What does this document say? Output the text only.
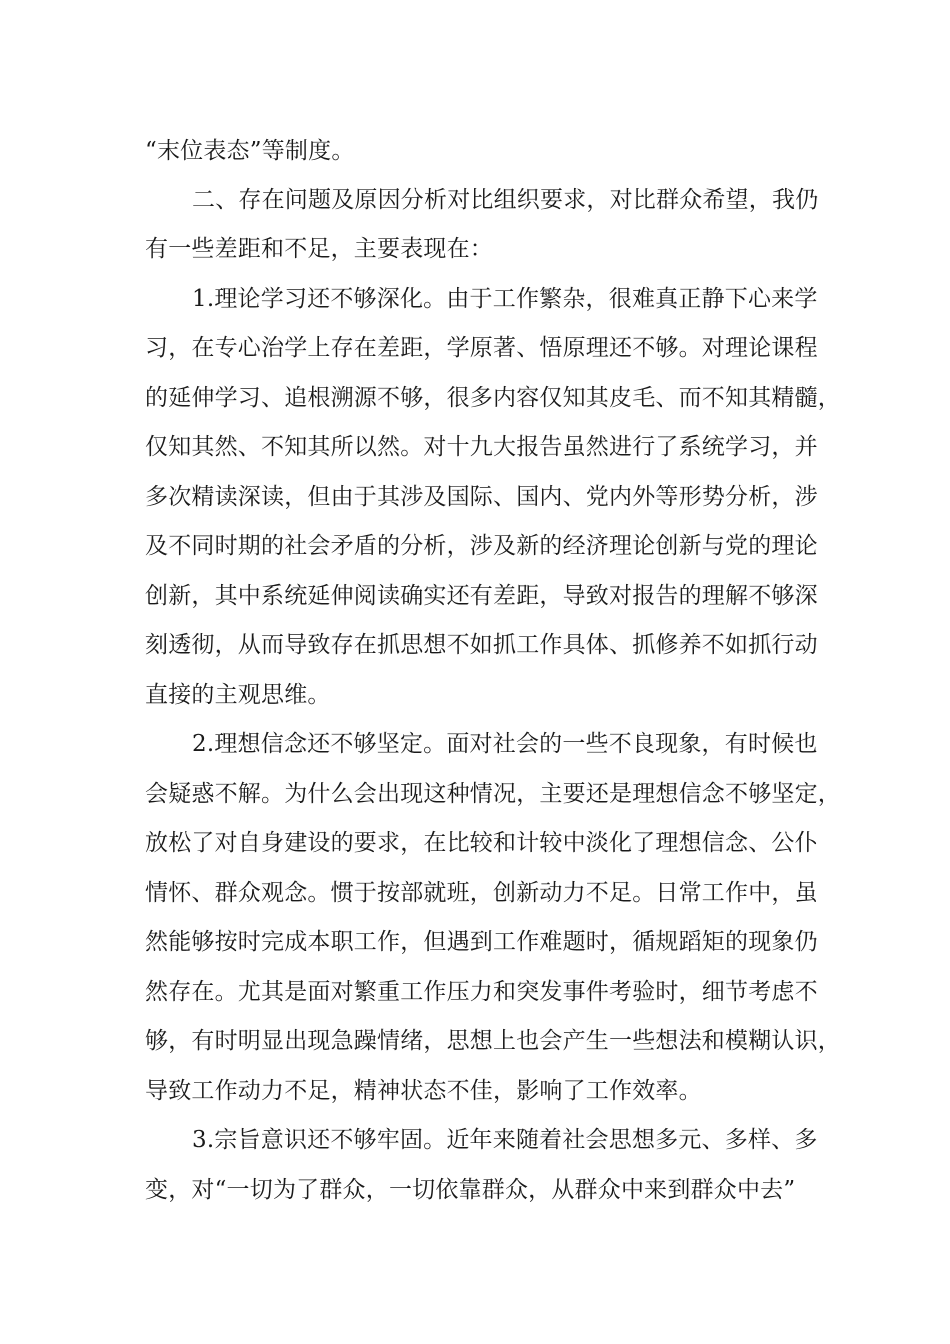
“末位表态”等制度。
二、存在问题及原因分析对比组织要求，对比群众希望，我仍
有一些差距和不足，主要表现在：
1.理论学习还不够深化。由于工作繁杂，很难真正静下心来学
习，在专心治学上存在差距，学原著、悟原理还不够。对理论课程
的延伸学习、追根溯源不够，很多内容仅知其皮毛、而不知其精髓，
仅知其然、不知其所以然。对十九大报告虽然进行了系统学习，并
多次精读深读，但由于其涉及国际、国内、党内外等形势分析，涉
及不同时期的社会矛盾的分析，涉及新的经济理论创新与党的理论
创新，其中系统延伸阅读确实还有差距，导致对报告的理解不够深
刻透彻，从而导致存在抓思想不如抓工作具体、抓修养不如抓行动
直接的主观思维。
2.理想信念还不够坚定。面对社会的一些不良现象，有时候也
会疑惑不解。为什么会出现这种情况，主要还是理想信念不够坚定，
放松了对自身建设的要求，在比较和计较中淡化了理想信念、公仆
情怀、群众观念。惯于按部就班，创新动力不足。日常工作中，虽
然能够按时完成本职工作，但遇到工作难题时，循规蹈矩的现象仍
然存在。尤其是面对繁重工作压力和突发事件考验时，细节考虑不
够，有时明显出现急躁情绪，思想上也会产生一些想法和模糊认识，
导致工作动力不足，精神状态不佳，影响了工作效率。
3.宗旨意识还不够牢固。近年来随着社会思想多元、多样、多
变，对“一切为了群众，一切依靠群众，从群众中来到群众中去”
